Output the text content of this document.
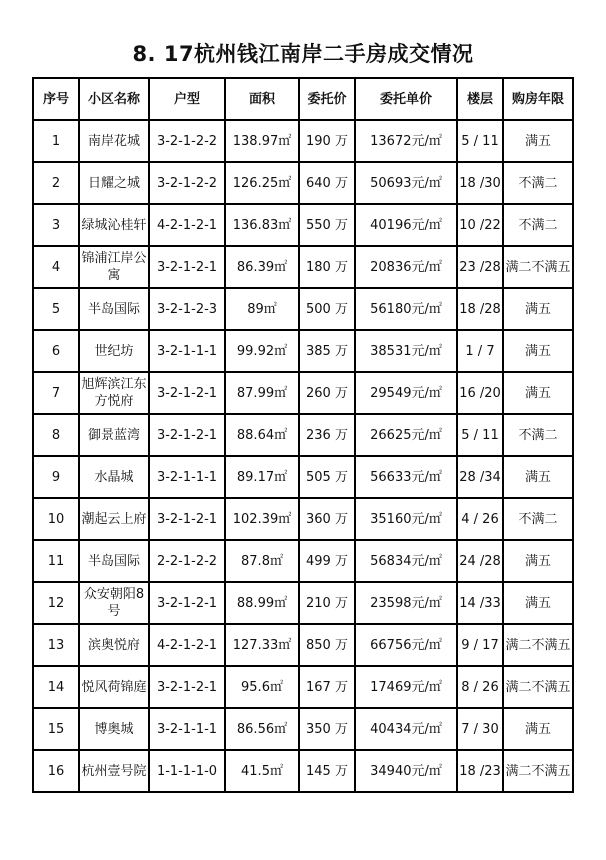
8. 17杭州钱江南岸二手房成交情况
序号	小区名称	户型	面积	委托价	委托单价	楼层	购房年限
1	南岸花城	3-2-1-2-2	138.97㎡	190 万	13672元/㎡	5 / 11	满五
2	日耀之城	3-2-1-2-2	126.25㎡	640 万	50693元/㎡	18 /30	不满二
3	绿城沁桂轩	4-2-1-2-1	136.83㎡	550 万	40196元/㎡	10 /22	不满二
4	锦浦江岸公寓	3-2-1-2-1	86.39㎡	180 万	20836元/㎡	23 /28	满二不满五
5	半岛国际	3-2-1-2-3	89㎡	500 万	56180元/㎡	18 /28	满五
6	世纪坊	3-2-1-1-1	99.92㎡	385 万	38531元/㎡	1 / 7	满五
7	旭辉滨江东方悦府	3-2-1-2-1	87.99㎡	260 万	29549元/㎡	16 /20	满五
8	御景蓝湾	3-2-1-2-1	88.64㎡	236 万	26625元/㎡	5 / 11	不满二
9	水晶城	3-2-1-1-1	89.17㎡	505 万	56633元/㎡	28 /34	满五
10	潮起云上府	3-2-1-2-1	102.39㎡	360 万	35160元/㎡	4 / 26	不满二
11	半岛国际	2-2-1-2-2	87.8㎡	499 万	56834元/㎡	24 /28	满五
12	众安朝阳8号	3-2-1-2-1	88.99㎡	210 万	23598元/㎡	14 /33	满五
13	滨奥悦府	4-2-1-2-1	127.33㎡	850 万	66756元/㎡	9 / 17	满二不满五
14	悦风荷锦庭	3-2-1-2-1	95.6㎡	167 万	17469元/㎡	8 / 26	满二不满五
15	博奥城	3-2-1-1-1	86.56㎡	350 万	40434元/㎡	7 / 30	满五
16	杭州壹号院	1-1-1-1-0	41.5㎡	145 万	34940元/㎡	18 /23	满二不满五
